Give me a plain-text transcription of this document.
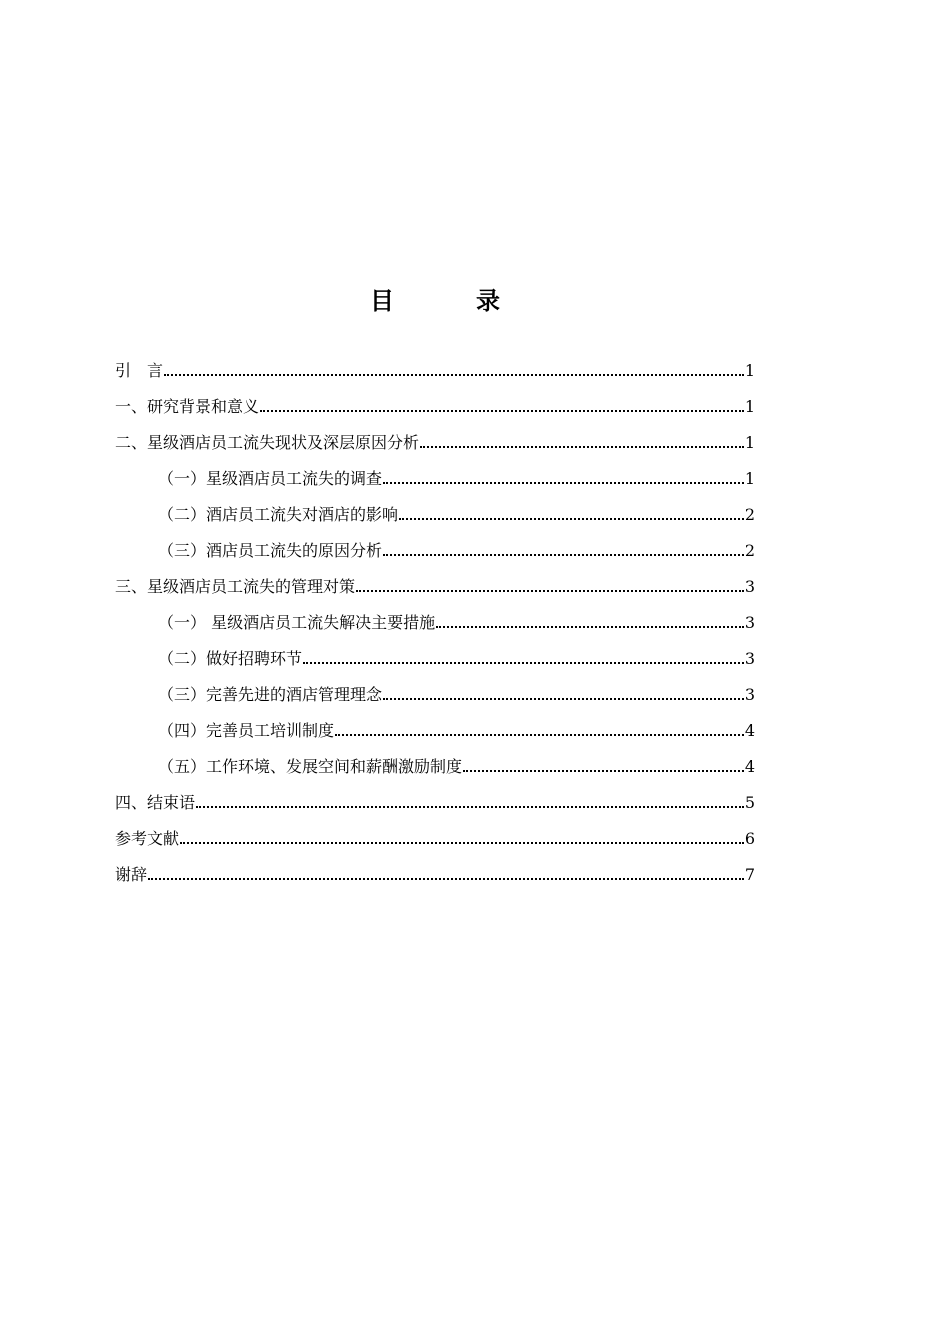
目录
引　言	1
一、研究背景和意义	1
二、星级酒店员工流失现状及深层原因分析	1
（一）星级酒店员工流失的调查	1
（二）酒店员工流失对酒店的影响	2
（三）酒店员工流失的原因分析	2
三、星级酒店员工流失的管理对策	3
（一） 星级酒店员工流失解决主要措施	3
（二）做好招聘环节	3
（三）完善先进的酒店管理理念	3
（四）完善员工培训制度	4
（五）工作环境、发展空间和薪酬激励制度	4
四、结束语	5
参考文献	6
谢辞	7
